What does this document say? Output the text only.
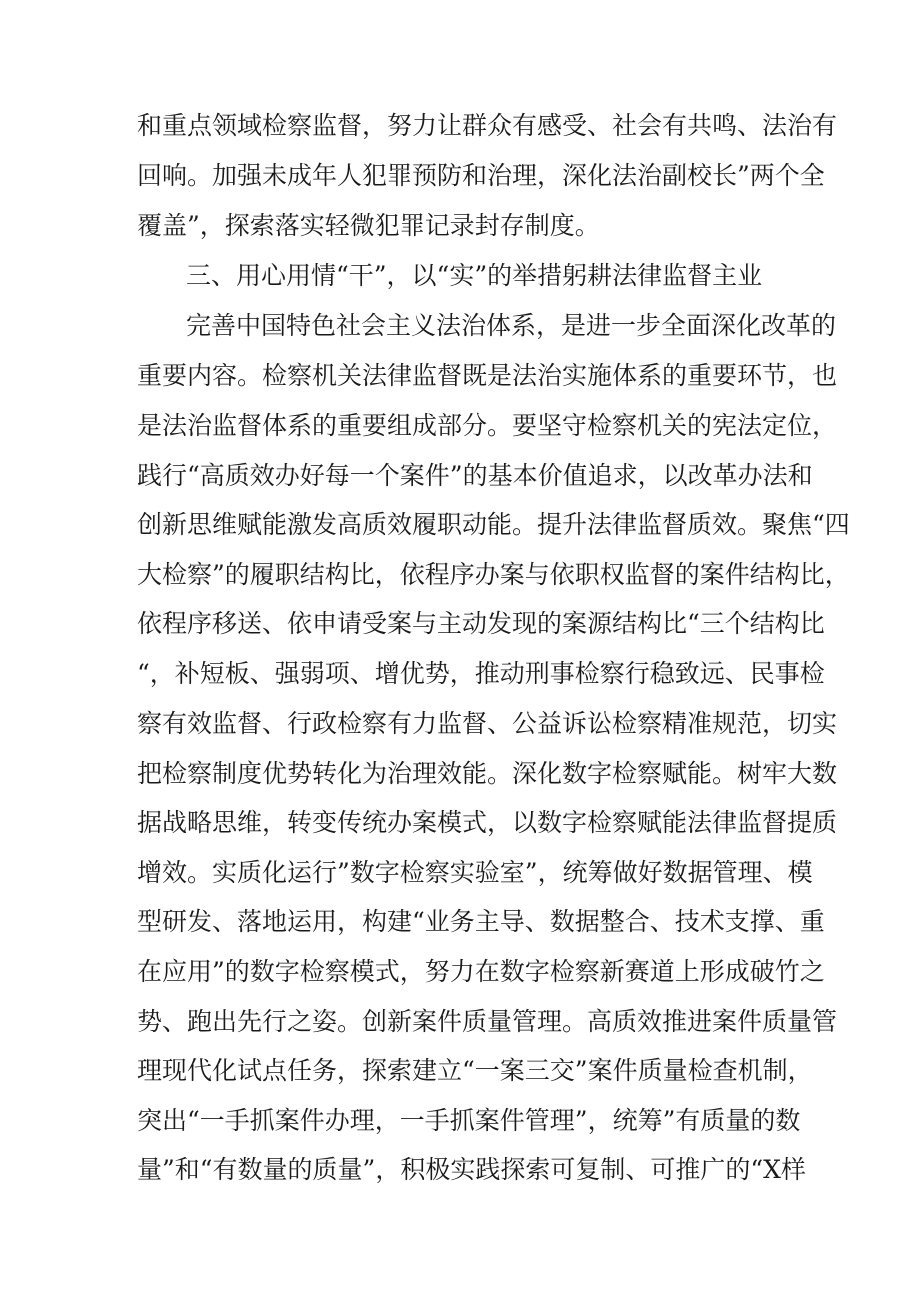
和重点领域检察监督，努力让群众有感受、社会有共鸣、法治有
回响。加强未成年人犯罪预防和治理，深化法治副校长”两个全
覆盖”，探索落实轻微犯罪记录封存制度。
三、用心用情“干”，以“实”的举措躬耕法律监督主业
完善中国特色社会主义法治体系，是进一步全面深化改革的
重要内容。检察机关法律监督既是法治实施体系的重要环节，也
是法治监督体系的重要组成部分。要坚守检察机关的宪法定位，
践行“高质效办好每一个案件”的基本价值追求，以改革办法和
创新思维赋能激发高质效履职动能。提升法律监督质效。聚焦“四
大检察”的履职结构比，依程序办案与依职权监督的案件结构比，
依程序移送、依申请受案与主动发现的案源结构比“三个结构比
“，补短板、强弱项、增优势，推动刑事检察行稳致远、民事检
察有效监督、行政检察有力监督、公益诉讼检察精准规范，切实
把检察制度优势转化为治理效能。深化数字检察赋能。树牢大数
据战略思维，转变传统办案模式，以数字检察赋能法律监督提质
增效。实质化运行”数字检察实验室”，统筹做好数据管理、模
型研发、落地运用，构建“业务主导、数据整合、技术支撑、重
在应用”的数字检察模式，努力在数字检察新赛道上形成破竹之
势、跑出先行之姿。创新案件质量管理。高质效推进案件质量管
理现代化试点任务，探索建立“一案三交”案件质量检查机制，
突出“一手抓案件办理，一手抓案件管理”，统筹”有质量的数
量”和“有数量的质量”，积极实践探索可复制、可推广的“X样
